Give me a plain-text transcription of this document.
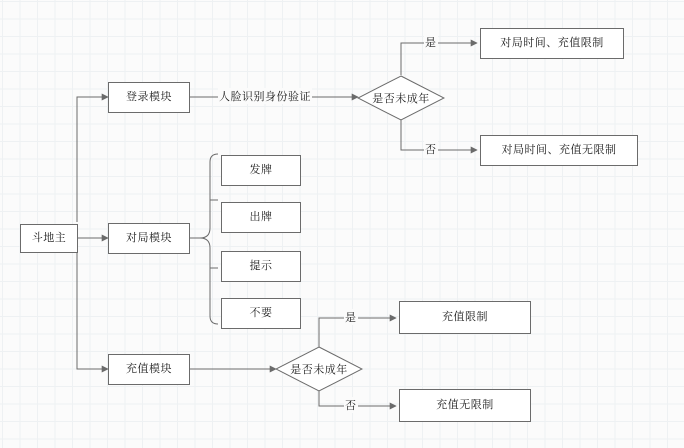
斗地主
登录模块
对局模块
充值模块
发牌
出牌
提示
不要
是否未成年
是否未成年
对局时间、充值限制
对局时间、充值无限制
充值限制
充值无限制
人脸识别身份验证
是
否
是
否
